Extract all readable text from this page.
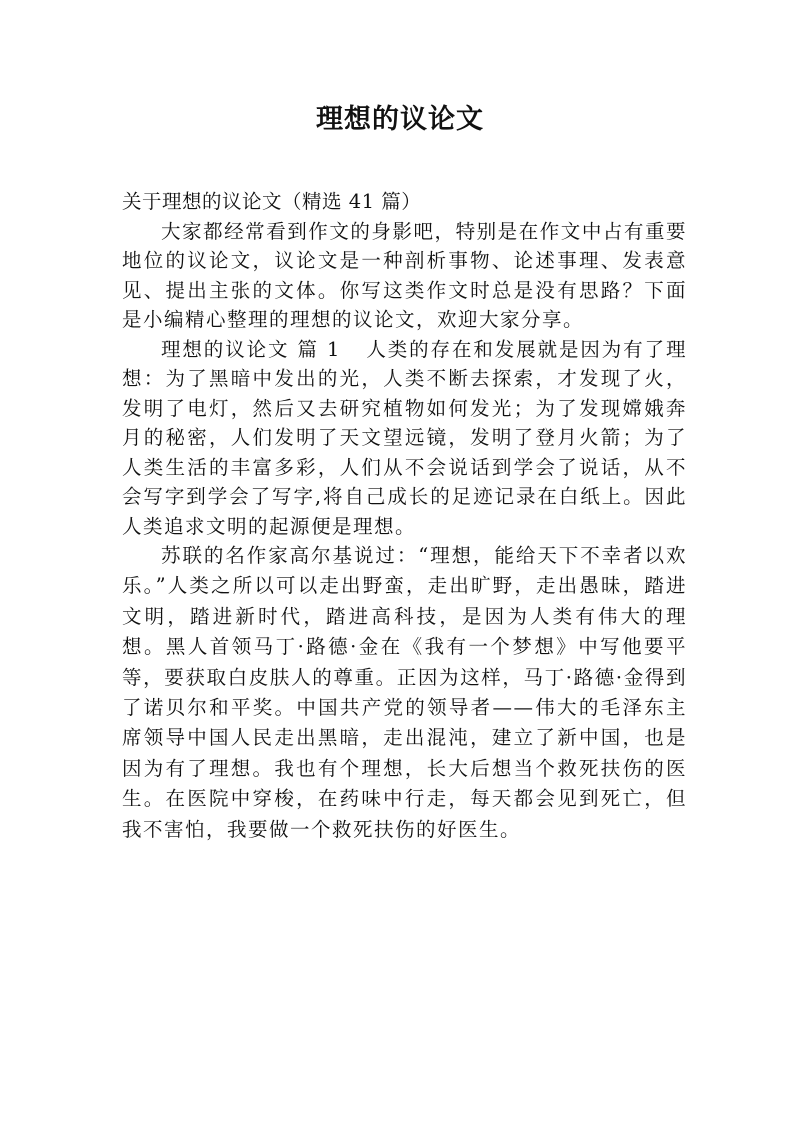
理想的议论文

关于理想的议论文（精选 41 篇）

大家都经常看到作文的身影吧，特别是在作文中占有重要地位的议论文，议论文是一种剖析事物、论述事理、发表意见、提出主张的文体。你写这类作文时总是没有思路？下面是小编精心整理的理想的议论文，欢迎大家分享。

理想的议论文 篇 1 人类的存在和发展就是因为有了理想：为了黑暗中发出的光，人类不断去探索，才发现了火，发明了电灯，然后又去研究植物如何发光；为了发现嫦娥奔月的秘密，人们发明了天文望远镜，发明了登月火箭；为了人类生活的丰富多彩，人们从不会说话到学会了说话，从不会写字到学会了写字,将自己成长的足迹记录在白纸上。因此人类追求文明的起源便是理想。

苏联的名作家高尔基说过：“理想，能给天下不幸者以欢乐。”人类之所以可以走出野蛮，走出旷野，走出愚昧，踏进文明，踏进新时代，踏进高科技，是因为人类有伟大的理想。黑人首领马丁·路德·金在《我有一个梦想》中写他要平等，要获取白皮肤人的尊重。正因为这样，马丁·路德·金得到了诺贝尔和平奖。中国共产党的领导者——伟大的毛泽东主席领导中国人民走出黑暗，走出混沌，建立了新中国，也是因为有了理想。我也有个理想，长大后想当个救死扶伤的医生。在医院中穿梭，在药味中行走，每天都会见到死亡，但我不害怕，我要做一个救死扶伤的好医生。
